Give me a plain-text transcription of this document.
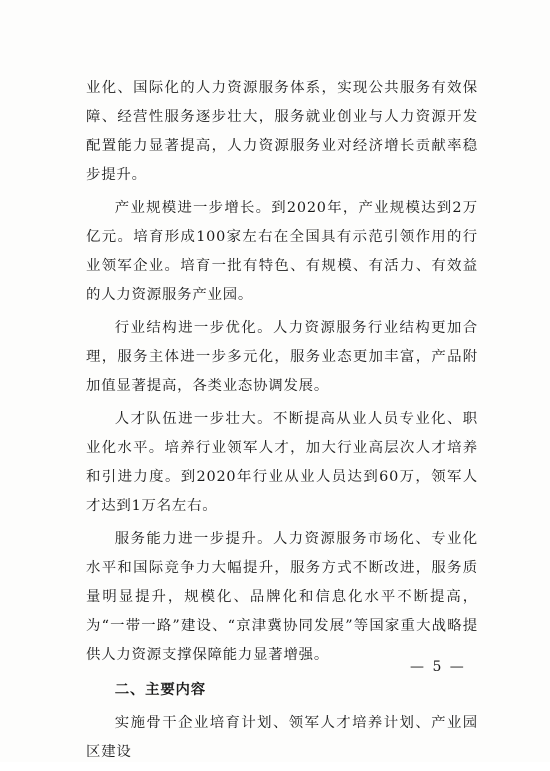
业化、国际化的人力资源服务体系，实现公共服务有效保障、经营性服务逐步壮大，服务就业创业与人力资源开发配置能力显著提高，人力资源服务业对经济增长贡献率稳步提升。

产业规模进一步增长。到2020年，产业规模达到2万亿元。培育形成100家左右在全国具有示范引领作用的行业领军企业。培育一批有特色、有规模、有活力、有效益的人力资源服务产业园。

行业结构进一步优化。人力资源服务行业结构更加合理，服务主体进一步多元化，服务业态更加丰富，产品附加值显著提高，各类业态协调发展。

人才队伍进一步壮大。不断提高从业人员专业化、职业化水平。培养行业领军人才，加大行业高层次人才培养和引进力度。到2020年行业从业人员达到60万，领军人才达到1万名左右。

服务能力进一步提升。人力资源服务市场化、专业化水平和国际竞争力大幅提升，服务方式不断改进，服务质量明显提升，规模化、品牌化和信息化水平不断提高，为“一带一路”建设、“京津冀协同发展”等国家重大战略提供人力资源支撑保障能力显著增强。

二、主要内容

实施骨干企业培育计划、领军人才培养计划、产业园区建设

— 5 —
